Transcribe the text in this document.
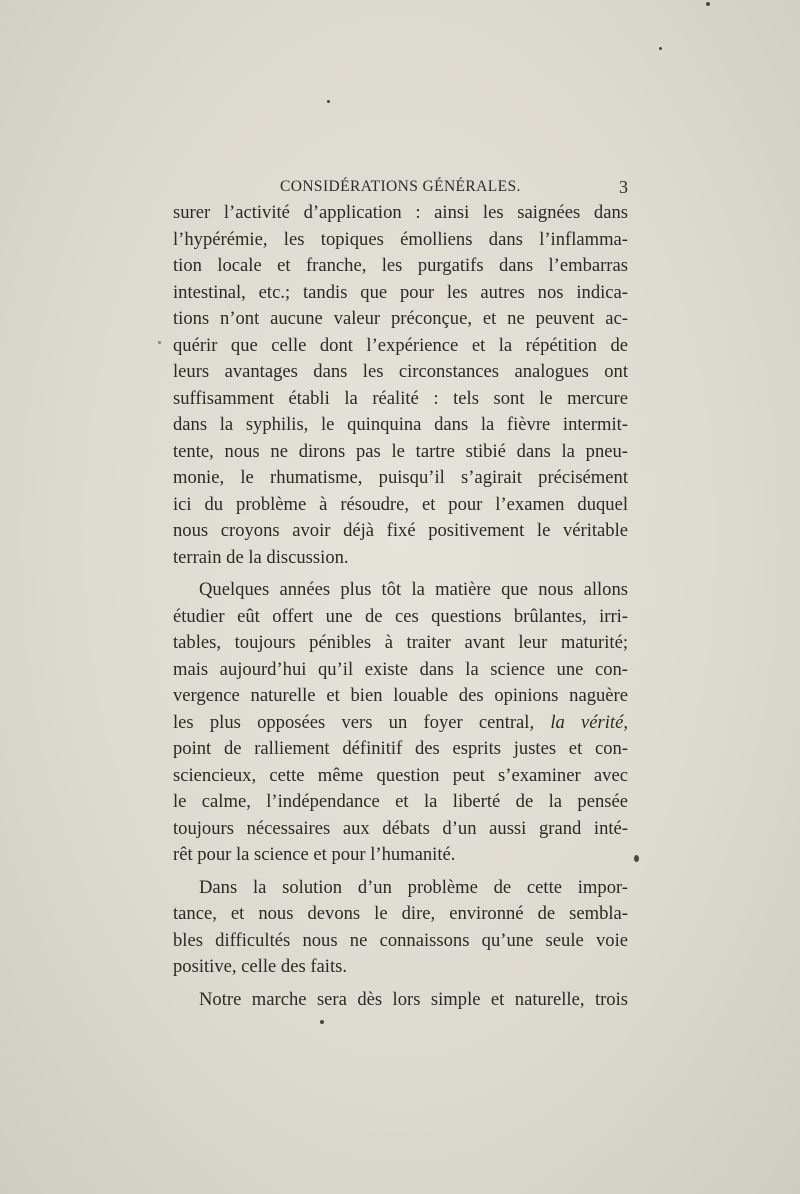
CONSIDÉRATIONS GÉNÉRALES.	3
surer l’activité d’application : ainsi les saignées dans
l’hypérémie, les topiques émolliens dans l’inflamma-
tion locale et franche, les purgatifs dans l’embarras
intestinal, etc.; tandis que pour les autres nos indica-
tions n’ont aucune valeur préconçue, et ne peuvent ac-
quérir que celle dont l’expérience et la répétition de
leurs avantages dans les circonstances analogues ont
suffisamment établi la réalité : tels sont le mercure
dans la syphilis, le quinquina dans la fièvre intermit-
tente, nous ne dirons pas le tartre stibié dans la pneu-
monie, le rhumatisme, puisqu’il s’agirait précisément
ici du problème à résoudre, et pour l’examen duquel
nous croyons avoir déjà fixé positivement le véritable
terrain de la discussion.
Quelques années plus tôt la matière que nous allons
étudier eût offert une de ces questions brûlantes, irri-
tables, toujours pénibles à traiter avant leur maturité;
mais aujourd’hui qu’il existe dans la science une con-
vergence naturelle et bien louable des opinions naguère
les plus opposées vers un foyer central, la vérité,
point de ralliement définitif des esprits justes et con-
sciencieux, cette même question peut s’examiner avec
le calme, l’indépendance et la liberté de la pensée
toujours nécessaires aux débats d’un aussi grand inté-
rêt pour la science et pour l’humanité.
Dans la solution d’un problème de cette impor-
tance, et nous devons le dire, environné de sembla-
bles difficultés nous ne connaissons qu’une seule voie
positive, celle des faits.
Notre marche sera dès lors simple et naturelle, trois
